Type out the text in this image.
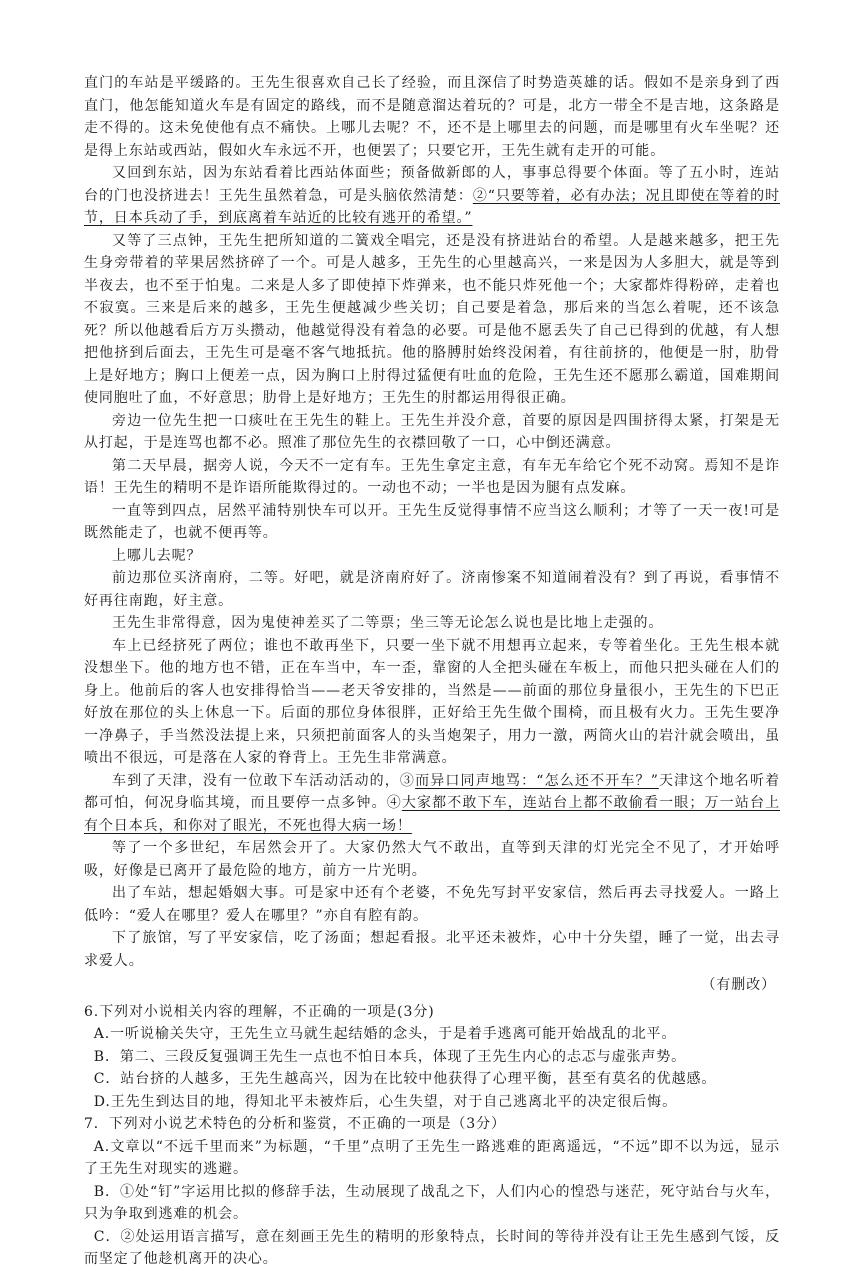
直门的车站是平缓路的。王先生很喜欢自己长了经验，而且深信了时势造英雄的话。假如不是亲身到了西直门，他怎能知道火车是有固定的路线，而不是随意溜达着玩的？可是，北方一带全不是吉地，这条路是走不得的。这未免使他有点不痛快。上哪儿去呢？不，还不是上哪里去的问题，而是哪里有火车坐呢？还是得上东站或西站，假如火车永远不开，也便罢了；只要它开，王先生就有走开的可能。

又回到东站，因为东站看着比西站体面些；预备做新郎的人，事事总得要个体面。等了五小时，连站台的门也没挤进去！王先生虽然着急，可是头脑依然清楚：②“只要等着，必有办法；况且即使在等着的时节，日本兵动了手，到底离着车站近的比较有逃开的希望。”

又等了三点钟，王先生把所知道的二簧戏全唱完，还是没有挤进站台的希望。人是越来越多，把王先生身旁带着的苹果居然挤碎了一个。可是人越多，王先生的心里越高兴，一来是因为人多胆大，就是等到半夜去，也不至于怕鬼。二来是人多了即使掉下炸弹来，也不能只炸死他一个；大家都炸得粉碎，走着也不寂寞。三来是后来的越多，王先生便越减少些关切；自己要是着急，那后来的当怎么着呢，还不该急死？所以他越看后方万头攒动，他越觉得没有着急的必要。可是他不愿丢失了自己已得到的优越，有人想把他挤到后面去，王先生可是毫不客气地抵抗。他的胳膊肘始终没闲着，有往前挤的，他便是一肘，肋骨上是好地方；胸口上便差一点，因为胸口上肘得过猛便有吐血的危险，王先生还不愿那么霸道，国难期间使同胞吐了血，不好意思；肋骨上是好地方；王先生的肘都运用得很正确。

旁边一位先生把一口痰吐在王先生的鞋上。王先生并没介意，首要的原因是四围挤得太紧，打架是无从打起，于是连骂也都不必。照准了那位先生的衣襟回敬了一口，心中倒还满意。

第二天早晨，据旁人说，今天不一定有车。王先生拿定主意，有车无车给它个死不动窝。焉知不是诈语！王先生的精明不是诈语所能欺得过的。一动也不动；一半也是因为腿有点发麻。

一直等到四点，居然平浦特别快车可以开。王先生反觉得事情不应当这么顺利；才等了一天一夜!可是既然能走了，也就不便再等。

上哪儿去呢？

前边那位买济南府，二等。好吧，就是济南府好了。济南惨案不知道闹着没有？到了再说，看事情不好再往南跑，好主意。

王先生非常得意，因为鬼使神差买了二等票；坐三等无论怎么说也是比地上走强的。

车上已经挤死了两位；谁也不敢再坐下，只要一坐下就不用想再立起来，专等着坐化。王先生根本就没想坐下。他的地方也不错，正在车当中，车一歪，靠窗的人全把头碰在车板上，而他只把头碰在人们的身上。他前后的客人也安排得恰当——老天爷安排的，当然是——前面的那位身量很小，王先生的下巴正好放在那位的头上休息一下。后面的那位身体很胖，正好给王先生做个围椅，而且极有火力。王先生要净一净鼻子，手当然没法提上来，只须把前面客人的头当炮架子，用力一激，两筒火山的岩汁就会喷出，虽喷出不很远，可是落在人家的脊背上。王先生非常满意。

车到了天津，没有一位敢下车活动活动的，③而异口同声地骂：“怎么还不开车？”天津这个地名听着都可怕，何况身临其境，而且要停一点多钟。④大家都不敢下车，连站台上都不敢偷看一眼；万一站台上有个日本兵，和你对了眼光，不死也得大病一场！

等了一个多世纪，车居然会开了。大家仍然大气不敢出，直等到天津的灯光完全不见了，才开始呼吸，好像是已离开了最危险的地方，前方一片光明。

出了车站，想起婚姻大事。可是家中还有个老婆，不免先写封平安家信，然后再去寻找爱人。一路上低吟：“爱人在哪里？爱人在哪里？”亦自有腔有韵。

下了旅馆，写了平安家信，吃了汤面；想起看报。北平还未被炸，心中十分失望，睡了一觉，出去寻求爱人。

（有删改）

6.下列对小说相关内容的理解，不正确的一项是(3分)

A.一听说榆关失守，王先生立马就生起结婚的念头，于是着手逃离可能开始战乱的北平。

B．第二、三段反复强调王先生一点也不怕日本兵，体现了王先生内心的忐忑与虚张声势。

C．站台挤的人越多，王先生越高兴，因为在比较中他获得了心理平衡，甚至有莫名的优越感。

D.王先生到达目的地，得知北平未被炸后，心生失望，对于自己逃离北平的决定很后悔。

7．下列对小说艺术特色的分析和鉴赏，不正确的一项是（3分）

A.文章以“不远千里而来”为标题，“千里”点明了王先生一路逃难的距离遥远，“不远”即不以为远，显示了王先生对现实的逃避。

B．①处“钉”字运用比拟的修辞手法，生动展现了战乱之下，人们内心的惶恐与迷茫，死守站台与火车，只为争取到逃难的机会。

C．②处运用语言描写，意在刻画王先生的精明的形象特点，长时间的等待并没有让王先生感到气馁，反而坚定了他趁机离开的决心。
